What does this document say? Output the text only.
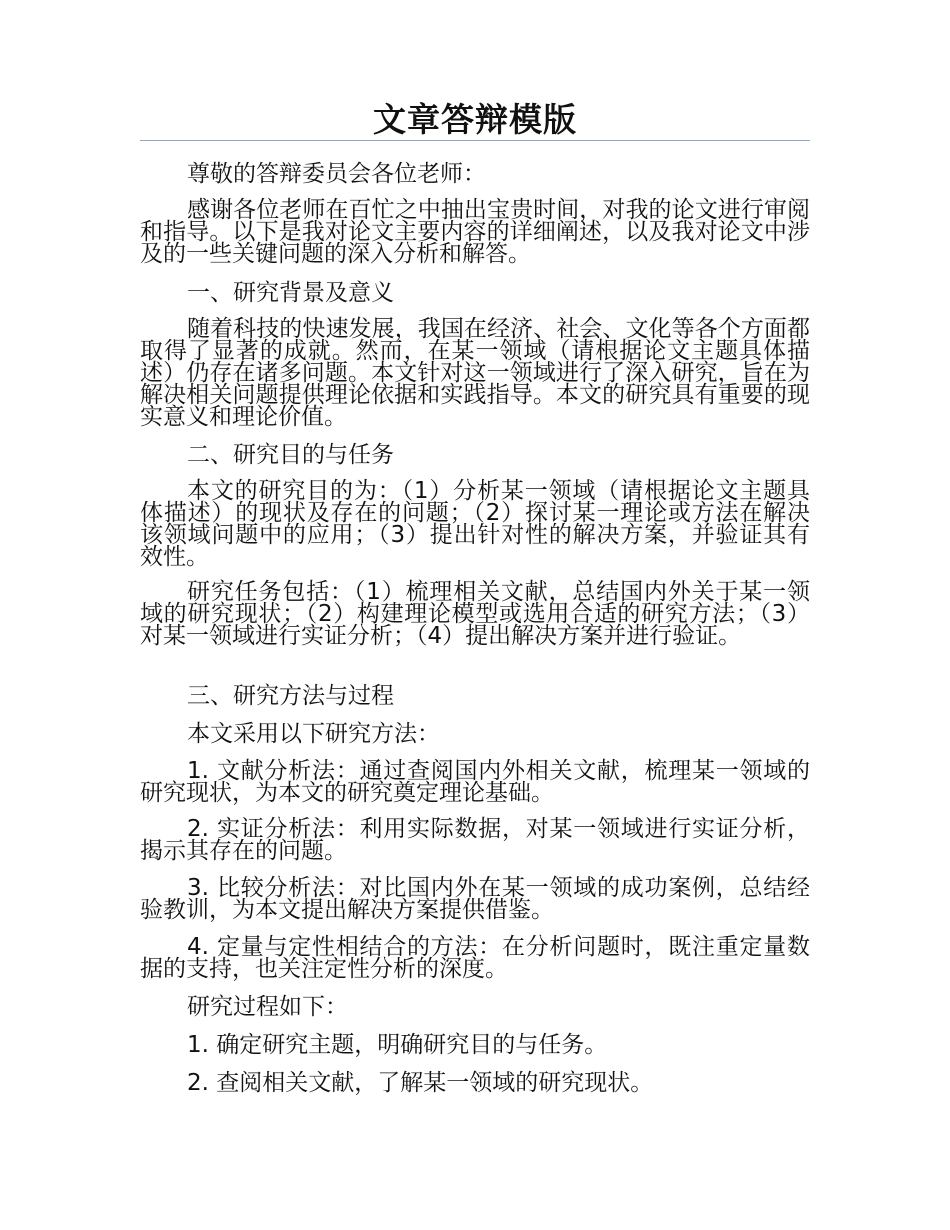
文章答辩模版

尊敬的答辩委员会各位老师：

感谢各位老师在百忙之中抽出宝贵时间，对我的论文进行审阅和指导。以下是我对论文主要内容的详细阐述，以及我对论文中涉及的一些关键问题的深入分析和解答。

一、研究背景及意义

随着科技的快速发展，我国在经济、社会、文化等各个方面都取得了显著的成就。然而，在某一领域（请根据论文主题具体描述）仍存在诸多问题。本文针对这一领域进行了深入研究，旨在为解决相关问题提供理论依据和实践指导。本文的研究具有重要的现实意义和理论价值。

二、研究目的与任务

本文的研究目的为：（1）分析某一领域（请根据论文主题具体描述）的现状及存在的问题；（2）探讨某一理论或方法在解决该领域问题中的应用；（3）提出针对性的解决方案，并验证其有效性。

研究任务包括：（1）梳理相关文献，总结国内外关于某一领域的研究现状；（2）构建理论模型或选用合适的研究方法；（3）对某一领域进行实证分析；（4）提出解决方案并进行验证。

三、研究方法与过程

本文采用以下研究方法：

1. 文献分析法：通过查阅国内外相关文献，梳理某一领域的研究现状，为本文的研究奠定理论基础。

2. 实证分析法：利用实际数据，对某一领域进行实证分析，揭示其存在的问题。

3. 比较分析法：对比国内外在某一领域的成功案例，总结经验教训，为本文提出解决方案提供借鉴。

4. 定量与定性相结合的方法：在分析问题时，既注重定量数据的支持，也关注定性分析的深度。

研究过程如下：

1. 确定研究主题，明确研究目的与任务。

2. 查阅相关文献，了解某一领域的研究现状。
